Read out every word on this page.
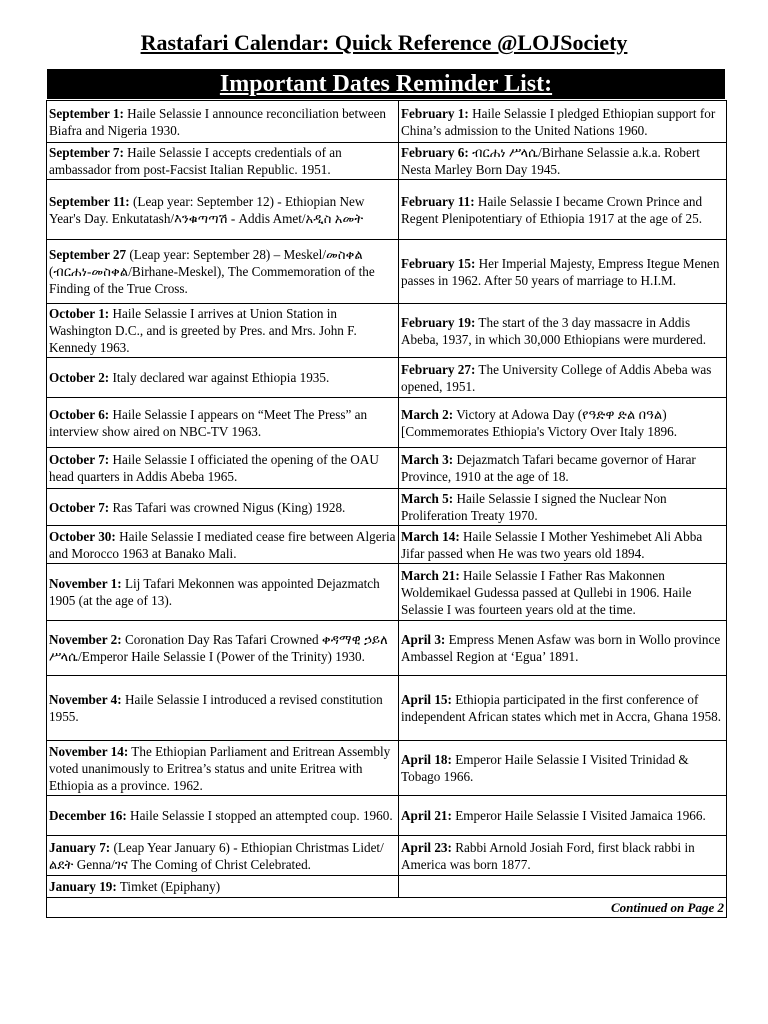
Rastafari Calendar: Quick Reference @LOJSociety
Important Dates Reminder List:
September 1: Haile Selassie I announce reconciliation between Biafra and Nigeria 1930.	February 1: Haile Selassie I pledged Ethiopian support for China’s admission to the United Nations 1960.
September 7: Haile Selassie I accepts credentials of an ambassador from post-Facsist Italian Republic. 1951.	February 6: ብርሐነ ሥላሴ/Birhane Selassie a.k.a. Robert Nesta Marley Born Day 1945.
September 11: (Leap year: September 12) - Ethiopian New Year's Day. Enkutatash/እንቁጣጣሽ - Addis Amet/አዲስ አመት	February 11: Haile Selassie I became Crown Prince and Regent Plenipotentiary of Ethiopia 1917 at the age of 25.
September 27 (Leap year: September 28) – Meskel/መስቀል (ብርሐነ-መስቀል/Birhane-Meskel), The Commemoration of the Finding of the True Cross.	February 15: Her Imperial Majesty, Empress Itegue Menen passes in 1962. After 50 years of marriage to H.I.M.
October 1: Haile Selassie I arrives at Union Station in Washington D.C., and is greeted by Pres. and Mrs. John F. Kennedy 1963.	February 19: The start of the 3 day massacre in Addis Abeba, 1937, in which 30,000 Ethiopians were murdered.
October 2: Italy declared war against Ethiopia 1935.	February 27: The University College of Addis Abeba was opened, 1951.
October 6: Haile Selassie I appears on “Meet The Press” an interview show aired on NBC-TV 1963.	March 2: Victory at Adowa Day (የዓድዋ ድል በዓል) [Commemorates Ethiopia's Victory Over Italy 1896.
October 7: Haile Selassie I officiated the opening of the OAU head quarters in Addis Abeba 1965.	March 3: Dejazmatch Tafari became governor of Harar Province, 1910 at the age of 18.
October 7: Ras Tafari was crowned Nigus (King) 1928.	March 5: Haile Selassie I signed the Nuclear Non Proliferation Treaty 1970.
October 30: Haile Selassie I mediated cease fire between Algeria and Morocco 1963 at Banako Mali.	March 14: Haile Selassie I Mother Yeshimebet Ali Abba Jifar passed when He was two years old 1894.
November 1: Lij Tafari Mekonnen was appointed Dejazmatch 1905 (at the age of 13).	March 21: Haile Selassie I Father Ras Makonnen Woldemikael Gudessa passed at Qullebi in 1906. Haile Selassie I was fourteen years old at the time.
November 2: Coronation Day Ras Tafari Crowned ቀዳማዊ ኃይለ ሥላሴ/Emperor Haile Selassie I (Power of the Trinity) 1930.	April 3: Empress Menen Asfaw was born in Wollo province Ambassel Region at ‘Egua’ 1891.
November 4: Haile Selassie I introduced a revised constitution 1955.	April 15: Ethiopia participated in the first conference of independent African states which met in Accra, Ghana 1958.
November 14: The Ethiopian Parliament and Eritrean Assembly voted unanimously to Eritrea’s status and unite Eritrea with Ethiopia as a province. 1962.	April 18: Emperor Haile Selassie I Visited Trinidad & Tobago 1966.
December 16: Haile Selassie I stopped an attempted coup. 1960.	April 21: Emperor Haile Selassie I Visited Jamaica 1966.
January 7: (Leap Year January 6) - Ethiopian Christmas Lidet/ልደት Genna/ገና The Coming of Christ Celebrated.	April 23: Rabbi Arnold Josiah Ford, first black rabbi in America was born 1877.
January 19: Timket (Epiphany)	
Continued on Page 2	
